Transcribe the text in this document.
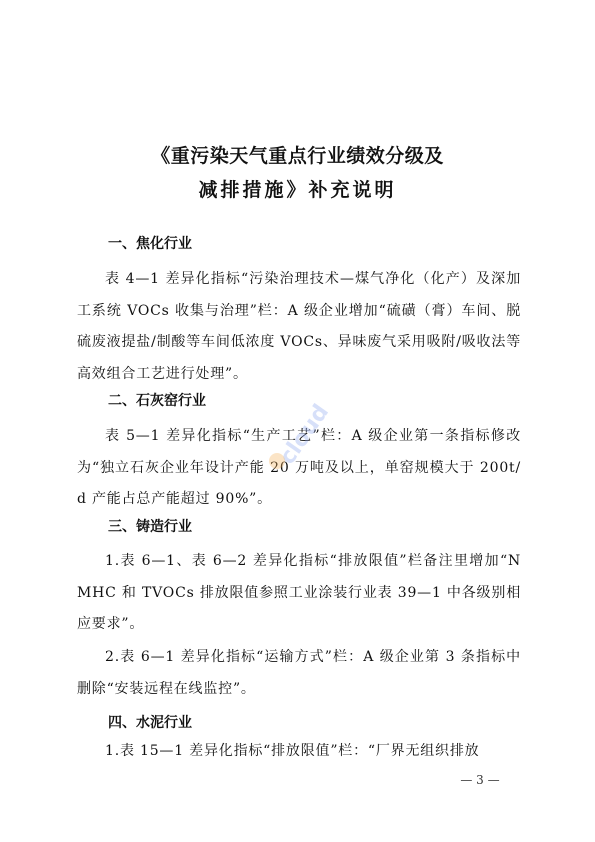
《重污染天气重点行业绩效分级及
减排措施》补充说明
一、焦化行业
表 4—1 差异化指标“污染治理技术—煤气净化（化产）及深加工系统 VOCs 收集与治理”栏：A 级企业增加“硫磺（膏）车间、脱硫废液提盐/制酸等车间低浓度 VOCs、异味废气采用吸附/吸收法等高效组合工艺进行处理”。
二、石灰窑行业
表 5—1 差异化指标“生产工艺”栏：A 级企业第一条指标修改为“独立石灰企业年设计产能 20 万吨及以上，单窑规模大于 200t/d 产能占总产能超过 90%”。
三、铸造行业
1.表 6—1、表 6—2 差异化指标“排放限值”栏备注里增加“NMHC 和 TVOCs 排放限值参照工业涂装行业表 39—1 中各级别相应要求”。
2.表 6—1 差异化指标“运输方式”栏：A 级企业第 3 条指标中删除“安装远程在线监控”。
四、水泥行业
1.表 15—1 差异化指标“排放限值”栏：“厂界无组织排放
— 3 —
cloud
